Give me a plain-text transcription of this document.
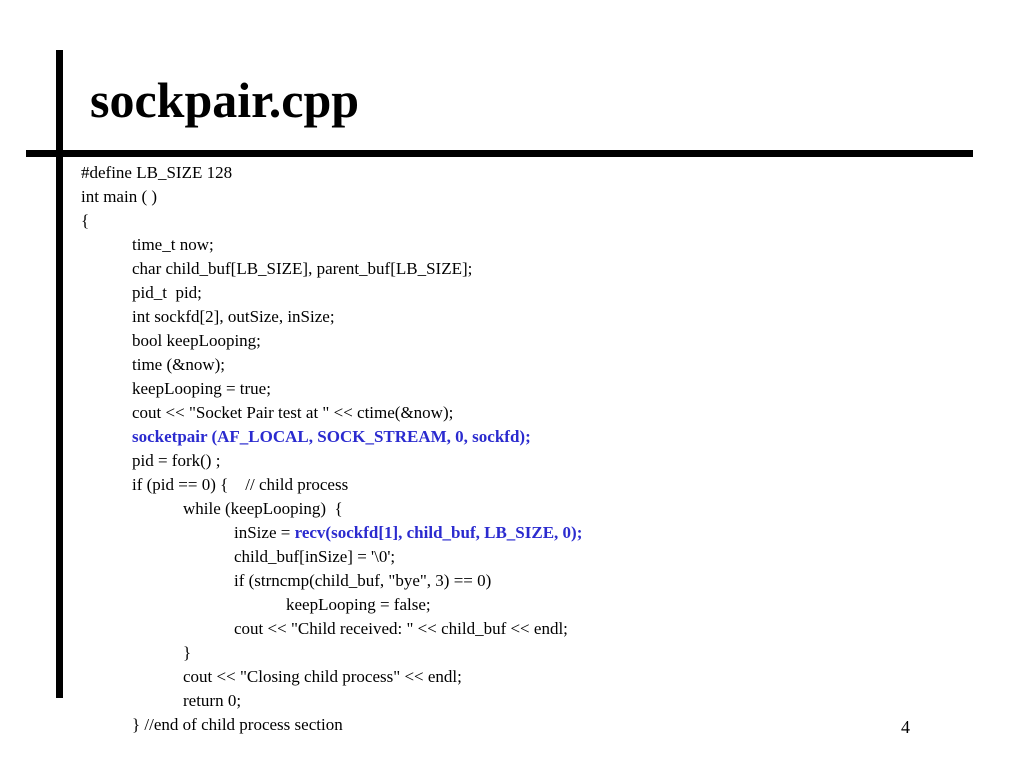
sockpair.cpp
#define LB_SIZE 128
int main ( )
{
time_t now;
char child_buf[LB_SIZE], parent_buf[LB_SIZE];
pid_t  pid;
int sockfd[2], outSize, inSize;
bool keepLooping;
time (&now);
keepLooping = true;
cout << "Socket Pair test at " << ctime(&now);
socketpair (AF_LOCAL, SOCK_STREAM, 0, sockfd);
pid = fork() ;
if (pid == 0) {    // child process
while (keepLooping)  {
inSize = recv(sockfd[1], child_buf, LB_SIZE, 0);
child_buf[inSize] = '\0';
if (strncmp(child_buf, "bye", 3) == 0)
keepLooping = false;
cout << "Child received: " << child_buf << endl;
}
cout << "Closing child process" << endl;
return 0;
} //end of child process section	4
